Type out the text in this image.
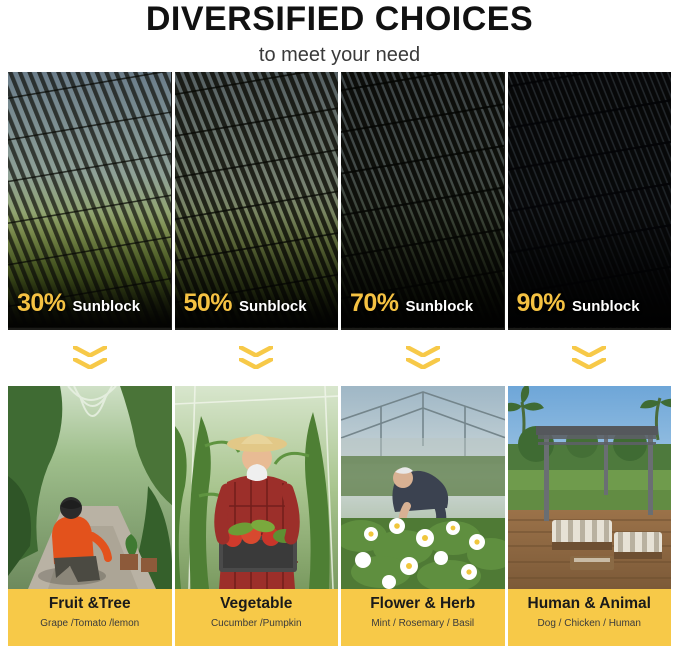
DIVERSIFIED CHOICES
to meet your need
30% Sunblock 50% Sunblock 70% Sunblock 90% Sunblock
Fruit &Tree
Grape /Tomato /lemon
Vegetable
Cucumber /Pumpkin
Flower & Herb
Mint / Rosemary / Basil
Human & Animal
Dog / Chicken / Human
